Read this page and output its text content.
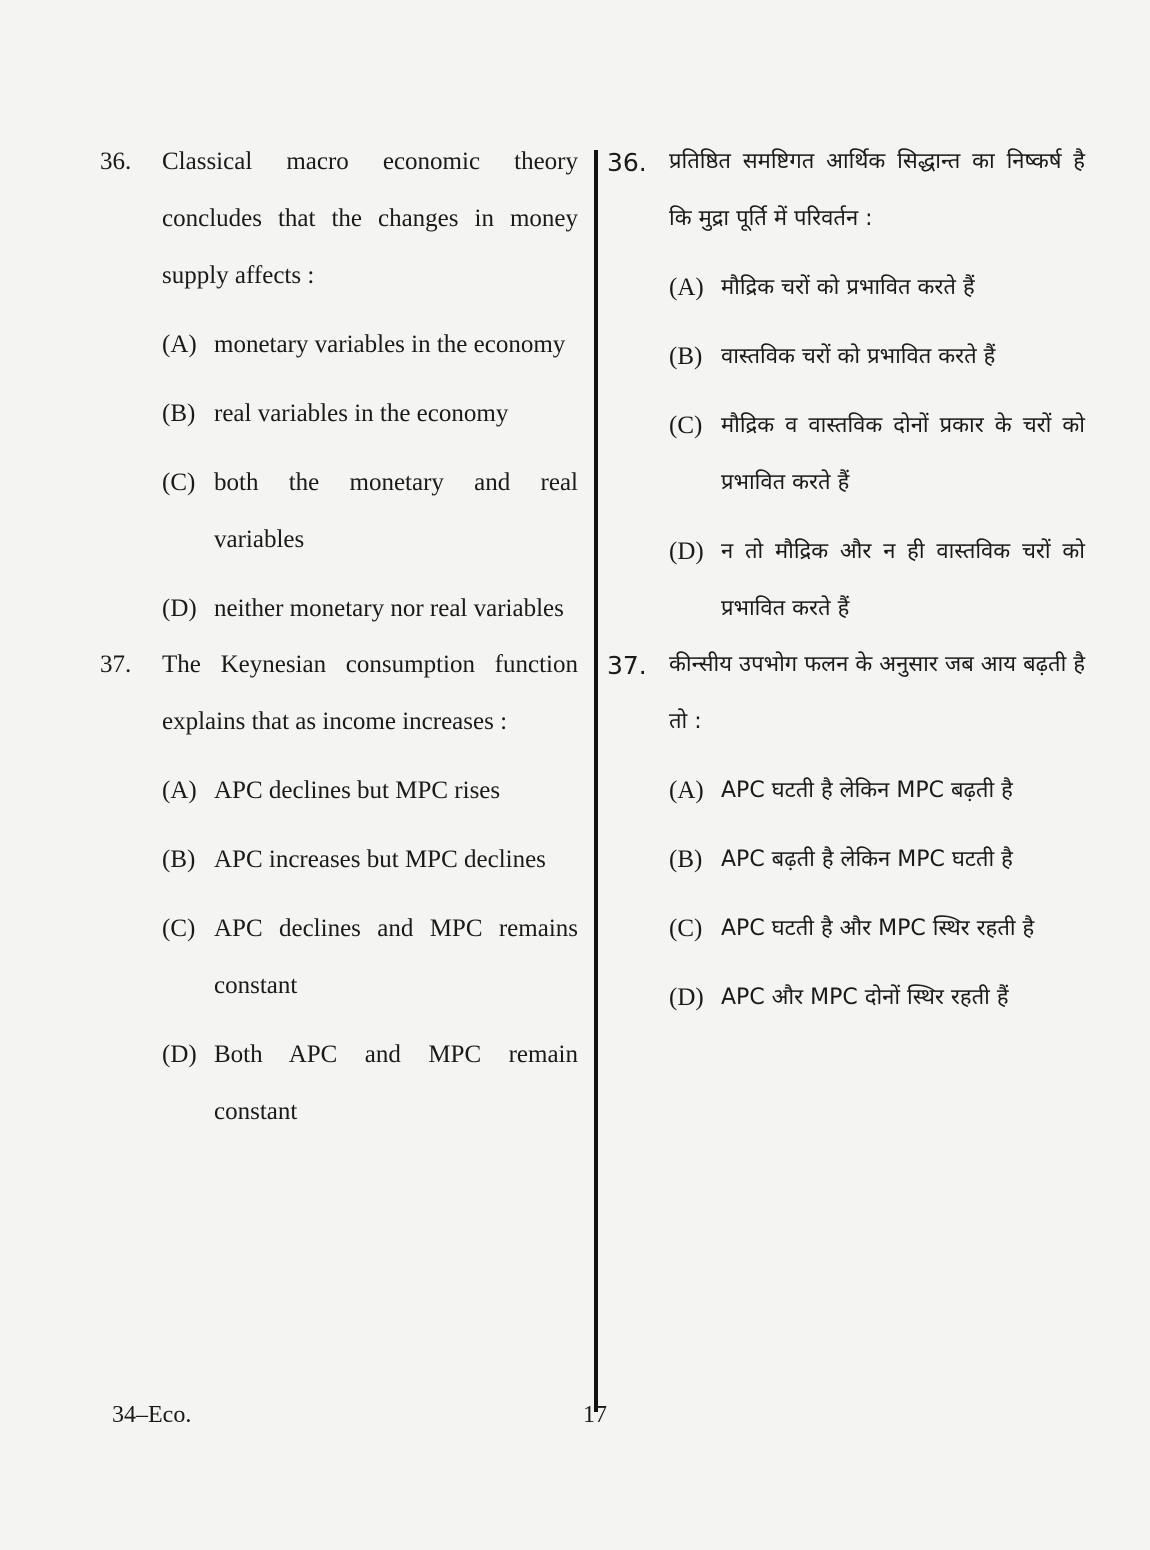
36.	Classical macro economic theory concludes that the changes in money supply affects :
(A) monetary variables in the economy
(B) real variables in the economy
(C) both the monetary and real variables
(D) neither monetary nor real variables
37.	The Keynesian consumption function explains that as income increases :
(A) APC declines but MPC rises
(B) APC increases but MPC declines
(C) APC declines and MPC remains constant
(D) Both APC and MPC remain constant
36.	प्रतिष्ठित समष्टिगत आर्थिक सिद्धान्त का निष्कर्ष है कि मुद्रा पूर्ति में परिवर्तन :
(A) मौद्रिक चरों को प्रभावित करते हैं
(B) वास्तविक चरों को प्रभावित करते हैं
(C) मौद्रिक व वास्तविक दोनों प्रकार के चरों को प्रभावित करते हैं
(D) न तो मौद्रिक और न ही वास्तविक चरों को प्रभावित करते हैं
37.	कीन्सीय उपभोग फलन के अनुसार जब आय बढ़ती है तो :
(A) APC घटती है लेकिन MPC बढ़ती है
(B) APC बढ़ती है लेकिन MPC घटती है
(C) APC घटती है और MPC स्थिर रहती है
(D) APC और MPC दोनों स्थिर रहती हैं
34–Eco.	17
